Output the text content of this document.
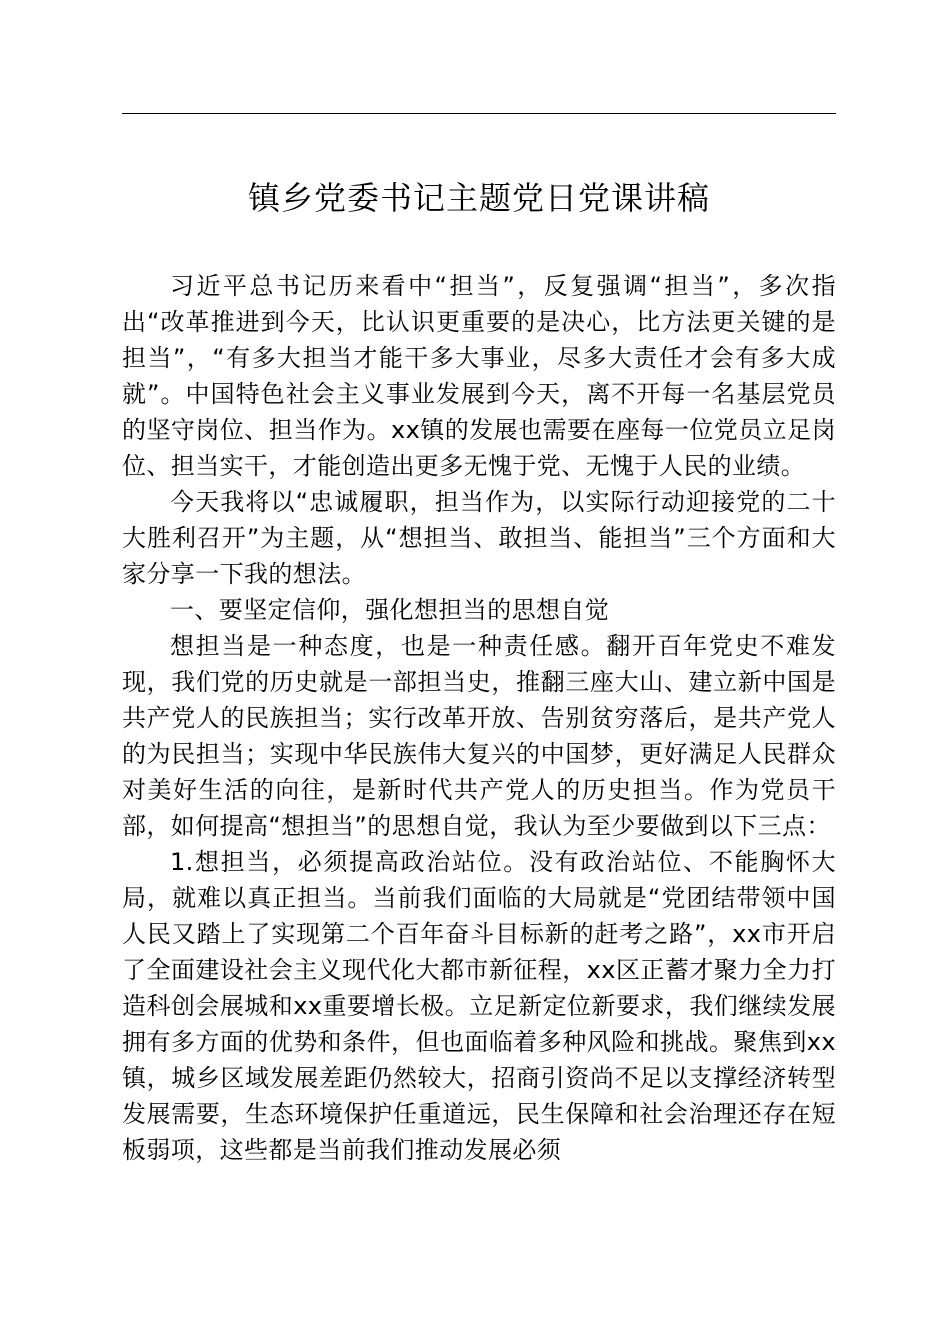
镇乡党委书记主题党日党课讲稿

习近平总书记历来看中“担当”，反复强调“担当”，多次指出“改革推进到今天，比认识更重要的是决心，比方法更关键的是担当”，“有多大担当才能干多大事业，尽多大责任才会有多大成就”。中国特色社会主义事业发展到今天，离不开每一名基层党员的坚守岗位、担当作为。xx镇的发展也需要在座每一位党员立足岗位、担当实干，才能创造出更多无愧于党、无愧于人民的业绩。

今天我将以“忠诚履职，担当作为，以实际行动迎接党的二十大胜利召开”为主题，从“想担当、敢担当、能担当”三个方面和大家分享一下我的想法。

一、要坚定信仰，强化想担当的思想自觉

想担当是一种态度，也是一种责任感。翻开百年党史不难发现，我们党的历史就是一部担当史，推翻三座大山、建立新中国是共产党人的民族担当；实行改革开放、告别贫穷落后，是共产党人的为民担当；实现中华民族伟大复兴的中国梦，更好满足人民群众对美好生活的向往，是新时代共产党人的历史担当。作为党员干部，如何提高“想担当”的思想自觉，我认为至少要做到以下三点：

1.想担当，必须提高政治站位。没有政治站位、不能胸怀大局，就难以真正担当。当前我们面临的大局就是“党团结带领中国人民又踏上了实现第二个百年奋斗目标新的赶考之路”，xx市开启了全面建设社会主义现代化大都市新征程，xx区正蓄才聚力全力打造科创会展城和xx重要增长极。立足新定位新要求，我们继续发展拥有多方面的优势和条件，但也面临着多种风险和挑战。聚焦到xx镇，城乡区域发展差距仍然较大，招商引资尚不足以支撑经济转型发展需要，生态环境保护任重道远，民生保障和社会治理还存在短板弱项，这些都是当前我们推动发展必须
